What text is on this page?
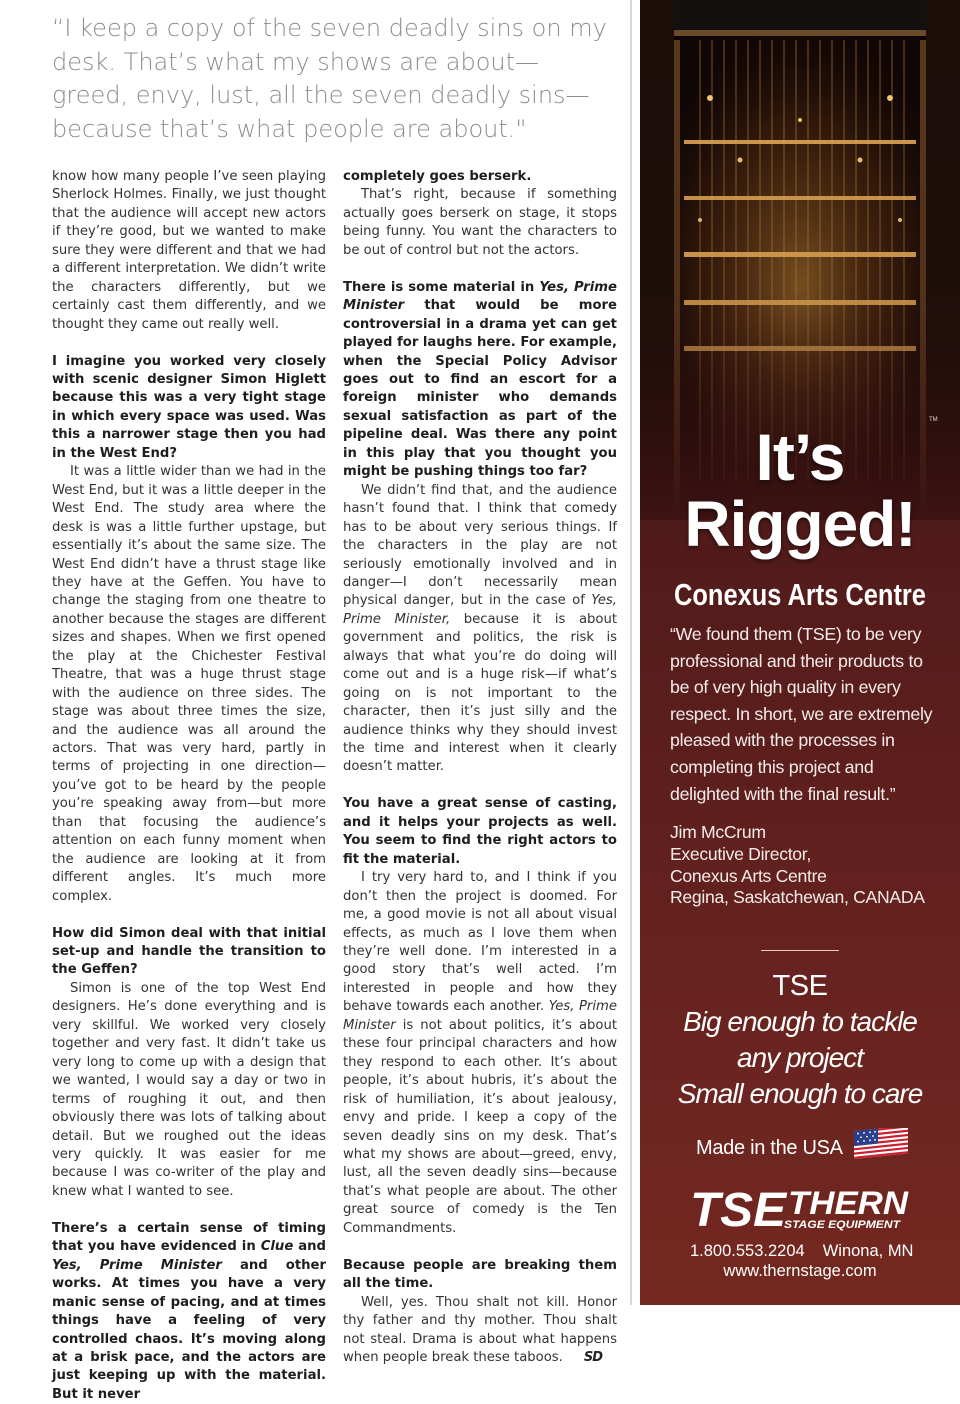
“I keep a copy of the seven deadly sins on my desk. That’s what my shows are about—greed, envy, lust, all the seven deadly sins—because that’s what people are about."

know how many people I’ve seen playing Sherlock Holmes. Finally, we just thought that the audience will accept new actors if they’re good, but we wanted to make sure they were different and that we had a different interpretation. We didn’t write the characters differently, but we certainly cast them differently, and we thought they came out really well.

I imagine you worked very closely with scenic designer Simon Higlett because this was a very tight stage in which every space was used. Was this a narrower stage then you had in the West End?

It was a little wider than we had in the West End, but it was a little deeper in the West End. The study area where the desk is was a little further upstage, but essentially it’s about the same size. The West End didn’t have a thrust stage like they have at the Geffen. You have to change the staging from one theatre to another because the stages are different sizes and shapes. When we first opened the play at the Chichester Festival Theatre, that was a huge thrust stage with the audience on three sides. The stage was about three times the size, and the audience was all around the actors. That was very hard, partly in terms of projecting in one direction—you’ve got to be heard by the people you’re speaking away from—but more than that focusing the audience’s attention on each funny moment when the audience are looking at it from different angles. It’s much more complex.

How did Simon deal with that initial set-up and handle the transition to the Geffen?

Simon is one of the top West End designers. He’s done everything and is very skillful. We worked very closely together and very fast. It didn’t take us very long to come up with a design that we wanted, I would say a day or two in terms of roughing it out, and then obviously there was lots of talking about detail. But we roughed out the ideas very quickly. It was easier for me because I was co-writer of the play and knew what I wanted to see.

There’s a certain sense of timing that you have evidenced in Clue and Yes, Prime Minister and other works. At times you have a very manic sense of pacing, and at times things have a feeling of very controlled chaos. It’s moving along at a brisk pace, and the actors are just keeping up with the material. But it never

completely goes berserk.

That’s right, because if something actually goes berserk on stage, it stops being funny. You want the characters to be out of control but not the actors.

There is some material in Yes, Prime Minister that would be more controversial in a drama yet can get played for laughs here. For example, when the Special Policy Advisor goes out to find an escort for a foreign minister who demands sexual satisfaction as part of the pipeline deal. Was there any point in this play that you thought you might be pushing things too far?

We didn’t find that, and the audience hasn’t found that. I think that comedy has to be about very serious things. If the characters in the play are not seriously emotionally involved and in danger—I don’t necessarily mean physical danger, but in the case of Yes, Prime Minister, because it is about government and politics, the risk is always that what you’re do doing will come out and is a huge risk—if what’s going on is not important to the character, then it’s just silly and the audience thinks why they should invest the time and interest when it clearly doesn’t matter.

You have a great sense of casting, and it helps your projects as well. You seem to find the right actors to fit the material.

I try very hard to, and I think if you don’t then the project is doomed. For me, a good movie is not all about visual effects, as much as I love them when they’re well done. I’m interested in a good story that’s well acted. I’m interested in people and how they behave towards each another. Yes, Prime Minister is not about politics, it’s about these four principal characters and how they respond to each other. It’s about people, it’s about hubris, it’s about the risk of humiliation, it’s about jealousy, envy and pride. I keep a copy of the seven deadly sins on my desk. That’s what my shows are about—greed, envy, lust, all the seven deadly sins—because that’s what people are about. The other great source of comedy is the Ten Commandments.

Because people are breaking them all the time.

Well, yes. Thou shalt not kill. Honor thy father and thy mother. Thou shalt not steal. Drama is about what happens when people break these taboos. SD

It’s
Rigged!
TM
Conexus Arts Centre
“We found them (TSE) to be very professional and their products to be of very high quality in every respect. In short, we are extremely pleased with the processes in completing this project and delighted with the final result.”
Jim McCrum
Executive Director,
Conexus Arts Centre
Regina, Saskatchewan, CANADA
TSE
Big enough to tackle
any project
Small enough to care
Made in the USA
TSE THERN
STAGE EQUIPMENT
1.800.553.2204 Winona, MN
www.thernstage.com
